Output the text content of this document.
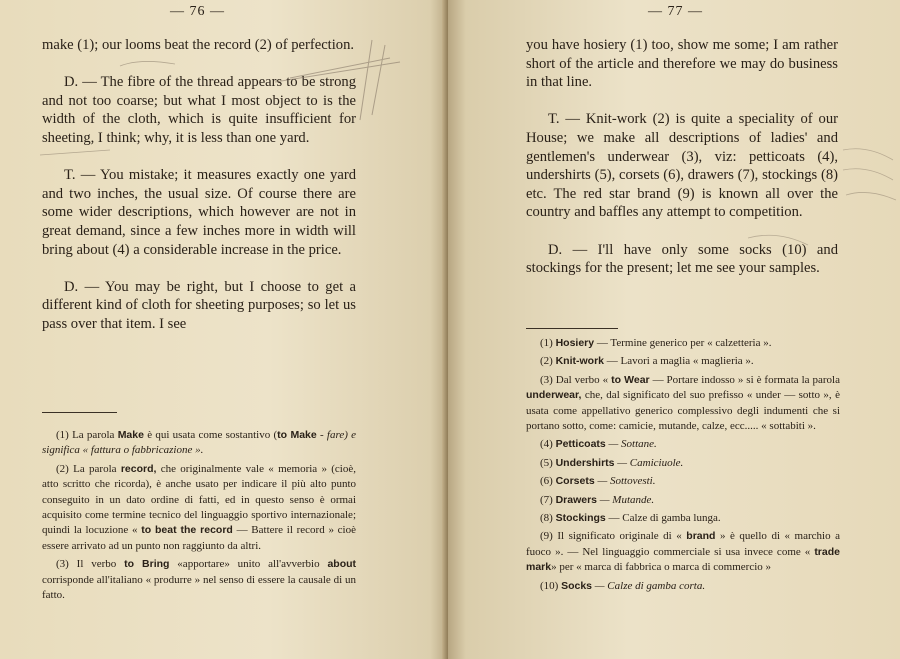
— 76 —

make (1); our looms beat the record (2) of perfection.

D. — The fibre of the thread appears to be strong and not too coarse; but what I most object to is the width of the cloth, which is quite insufficient for sheeting, I think; why, it is less than one yard.

T. — You mistake; it measures exactly one yard and two inches, the usual size. Of course there are some wider descriptions, which however are not in great demand, since a few inches more in width will bring about (4) a considerable increase in the price.

D. — You may be right, but I choose to get a different kind of cloth for sheeting purposes; so let us pass over that item. I see

(1) La parola Make è qui usata come sostantivo (to Make - fare) e significa « fattura o fabbricazione ».

(2) La parola record, che originalmente vale « memoria » (cioè, atto scritto che ricorda), è anche usato per indicare il più alto punto conseguito in un dato ordine di fatti, ed in questo senso è ormai acquisito come termine tecnico del linguaggio sportivo internazionale; quindi la locuzione « to beat the record — Battere il record » cioè essere arrivato ad un punto non raggiunto da altri.

(3) Il verbo to Bring «apportare» unito all'avverbio about corrisponde all'italiano « produrre » nel senso di essere la causale di un fatto.

— 77 —

you have hosiery (1) too, show me some; I am rather short of the article and therefore we may do business in that line.

T. — Knit-work (2) is quite a speciality of our House; we make all descriptions of ladies' and gentlemen's underwear (3), viz: petticoats (4), undershirts (5), corsets (6), drawers (7), stockings (8) etc. The red star brand (9) is known all over the country and baffles any attempt to competition.

D. — I'll have only some socks (10) and stockings for the present; let me see your samples.

(1) Hosiery — Termine generico per « calzetteria ».

(2) Knit-work — Lavori a maglia « maglieria ».

(3) Dal verbo « to Wear — Portare indosso » si è formata la parola underwear, che, dal significato del suo prefisso « under — sotto », è usata come appellativo generico complessivo degli indumenti che si portano sotto, come: camicie, mutande, calze, ecc..... « sottabiti ».

(4) Petticoats — Sottane.

(5) Undershirts — Camiciuole.

(6) Corsets — Sottovesti.

(7) Drawers — Mutande.

(8) Stockings — Calze di gamba lunga.

(9) Il significato originale di « brand » è quello di « marchio a fuoco ». — Nel linguaggio commerciale si usa invece come « trade mark» per « marca di fabbrica o marca di commercio »

(10) Socks — Calze di gamba corta.
